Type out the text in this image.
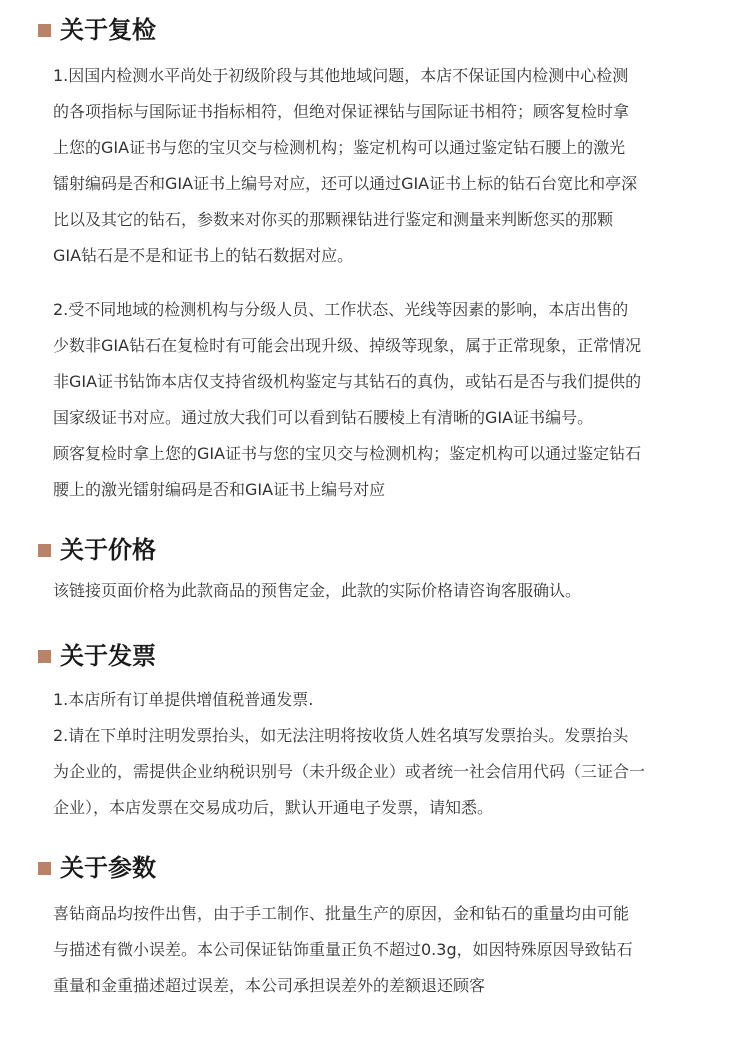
关于复检
1.因国内检测水平尚处于初级阶段与其他地域问题，本店不保证国内检测中心检测
的各项指标与国际证书指标相符，但绝对保证裸钻与国际证书相符；顾客复检时拿
上您的GIA证书与您的宝贝交与检测机构；鉴定机构可以通过鉴定钻石腰上的激光
镭射编码是否和GIA证书上编号对应，还可以通过GIA证书上标的钻石台宽比和亭深
比以及其它的钻石，参数来对你买的那颗裸钻进行鉴定和测量来判断您买的那颗
GIA钻石是不是和证书上的钻石数据对应。
2.受不同地域的检测机构与分级人员、工作状态、光线等因素的影响，本店出售的
少数非GIA钻石在复检时有可能会出现升级、掉级等现象，属于正常现象，正常情况
非GIA证书钻饰本店仅支持省级机构鉴定与其钻石的真伪，或钻石是否与我们提供的
国家级证书对应。通过放大我们可以看到钻石腰棱上有清晰的GIA证书编号。
顾客复检时拿上您的GIA证书与您的宝贝交与检测机构；鉴定机构可以通过鉴定钻石
腰上的激光镭射编码是否和GIA证书上编号对应
关于价格
该链接页面价格为此款商品的预售定金，此款的实际价格请咨询客服确认。
关于发票
1.本店所有订单提供增值税普通发票.
2.请在下单时注明发票抬头，如无法注明将按收货人姓名填写发票抬头。发票抬头
为企业的，需提供企业纳税识别号（未升级企业）或者统一社会信用代码（三证合一
企业），本店发票在交易成功后，默认开通电子发票，请知悉。
关于参数
喜钻商品均按件出售，由于手工制作、批量生产的原因，金和钻石的重量均由可能
与描述有微小误差。本公司保证钻饰重量正负不超过0.3g，如因特殊原因导致钻石
重量和金重描述超过误差，本公司承担误差外的差额退还顾客
